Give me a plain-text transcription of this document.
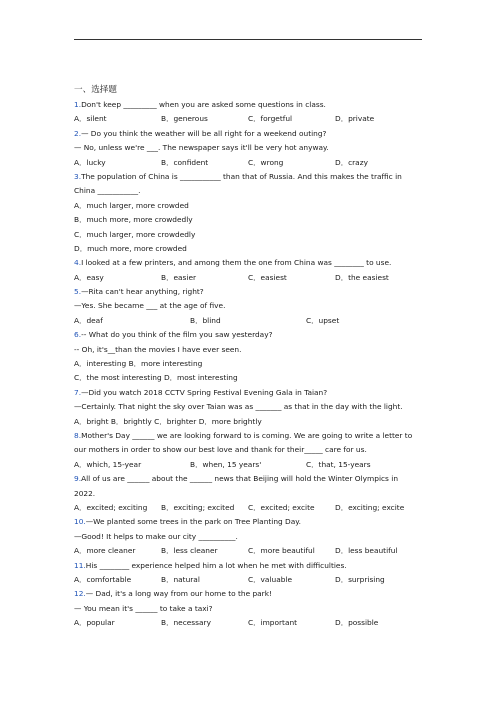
一、选择题
1.Don't keep _________ when you are asked some questions in class.
A．silent	B．generous	C．forgetful	D．private
2.— Do you think the weather will be all right for a weekend outing?
— No, unless we're ___. The newspaper says it'll be very hot anyway.
A．lucky	B．confident	C．wrong	D．crazy
3.The population of China is ___________ than that of Russia. And this makes the traffic in
China ___________.
A．much larger, more crowded
B．much more, more crowdedly
C．much larger, more crowdedly
D．much more, more crowded
4.I looked at a few printers, and among them the one from China was ________ to use.
A．easy	B．easier	C．easiest	D．the easiest
5.—Rita can't hear anything, right?
—Yes. She became ___ at the age of five.
A．deaf	B．blind	C．upset
6.-- What do you think of the film you saw yesterday?
-- Oh, it's__than the movies I have ever seen.
A．interesting B．more interesting
C．the most interesting D．most interesting
7.—Did you watch 2018 CCTV Spring Festival Evening Gala in Taian?
—Certainly. That night the sky over Taian was as _______ as that in the day with the light.
A．bright B．brightly C．brighter D．more brightly
8.Mother's Day ______ we are looking forward to is coming. We are going to write a letter to
our mothers in order to show our best love and thank for their_____ care for us.
A．which, 15-year	B．when, 15 years'	C．that, 15-years
9.All of us are ______ about the ______ news that Beijing will hold the Winter Olympics in
2022.
A．excited; exciting B．exciting; excited C．excited; excite	D．exciting; excite
10.—We planted some trees in the park on Tree Planting Day.
—Good! It helps to make our city __________.
A．more cleaner	B．less cleaner	C．more beautiful	D．less beautiful
11.His ________ experience helped him a lot when he met with difficulties.
A．comfortable	B．natural	C．valuable	D．surprising
12.— Dad, it's a long way from our home to the park!
— You mean it's ______ to take a taxi?
A．popular	B．necessary	C．important	D．possible
